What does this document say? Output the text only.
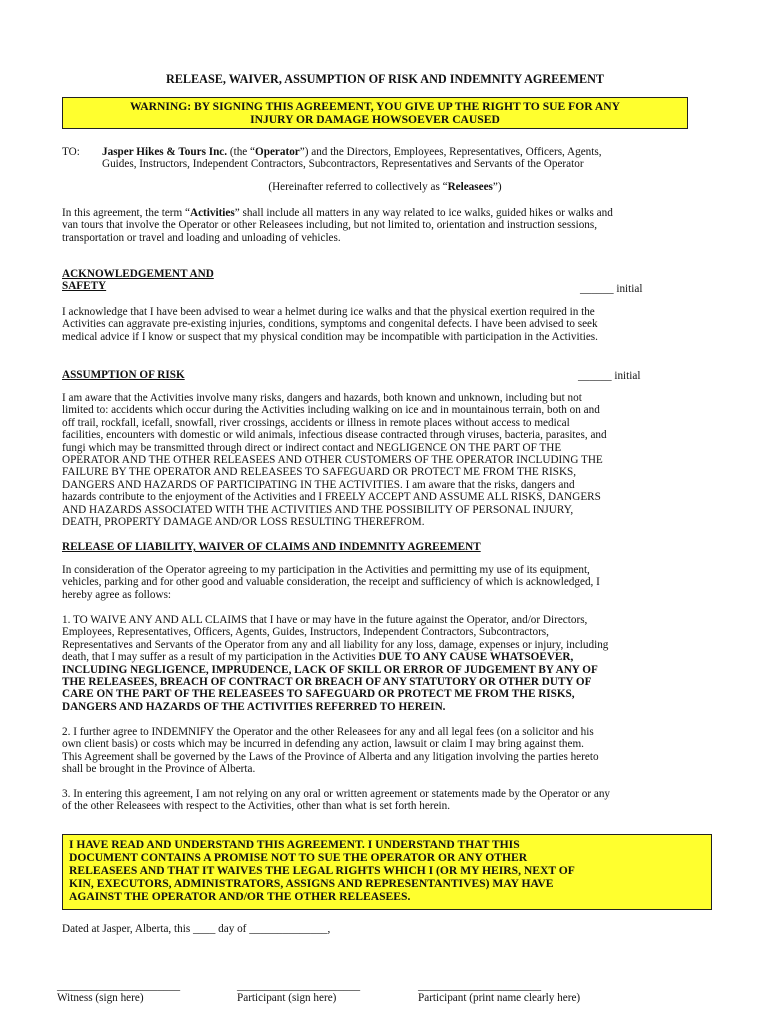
RELEASE, WAIVER, ASSUMPTION OF RISK AND INDEMNITY AGREEMENT
WARNING: BY SIGNING THIS AGREEMENT, YOU GIVE UP THE RIGHT TO SUE FOR ANY
INJURY OR DAMAGE HOWSOEVER CAUSED
TO: Jasper Hikes & Tours Inc. (the “Operator”) and the Directors, Employees, Representatives, Officers, Agents,
Guides, Instructors, Independent Contractors, Subcontractors, Representatives and Servants of the Operator
(Hereinafter referred to collectively as “Releasees”)
In this agreement, the term “Activities” shall include all matters in any way related to ice walks, guided hikes or walks and
van tours that involve the Operator or other Releasees including, but not limited to, orientation and instruction sessions,
transportation or travel and loading and unloading of vehicles.
ACKNOWLEDGEMENT AND
SAFETY	______ initial
I acknowledge that I have been advised to wear a helmet during ice walks and that the physical exertion required in the
Activities can aggravate pre-existing injuries, conditions, symptoms and congenital defects. I have been advised to seek
medical advice if I know or suspect that my physical condition may be incompatible with participation in the Activities.
ASSUMPTION OF RISK	______ initial
I am aware that the Activities involve many risks, dangers and hazards, both known and unknown, including but not
limited to: accidents which occur during the Activities including walking on ice and in mountainous terrain, both on and
off trail, rockfall, icefall, snowfall, river crossings, accidents or illness in remote places without access to medical
facilities, encounters with domestic or wild animals, infectious disease contracted through viruses, bacteria, parasites, and
fungi which may be transmitted through direct or indirect contact and NEGLIGENCE ON THE PART OF THE
OPERATOR AND THE OTHER RELEASEES AND OTHER CUSTOMERS OF THE OPERATOR INCLUDING THE
FAILURE BY THE OPERATOR AND RELEASEES TO SAFEGUARD OR PROTECT ME FROM THE RISKS,
DANGERS AND HAZARDS OF PARTICIPATING IN THE ACTIVITIES. I am aware that the risks, dangers and
hazards contribute to the enjoyment of the Activities and I FREELY ACCEPT AND ASSUME ALL RISKS, DANGERS
AND HAZARDS ASSOCIATED WITH THE ACTIVITIES AND THE POSSIBILITY OF PERSONAL INJURY,
DEATH, PROPERTY DAMAGE AND/OR LOSS RESULTING THEREFROM.
RELEASE OF LIABILITY, WAIVER OF CLAIMS AND INDEMNITY AGREEMENT
In consideration of the Operator agreeing to my participation in the Activities and permitting my use of its equipment,
vehicles, parking and for other good and valuable consideration, the receipt and sufficiency of which is acknowledged, I
hereby agree as follows:
1. TO WAIVE ANY AND ALL CLAIMS that I have or may have in the future against the Operator, and/or Directors,
Employees, Representatives, Officers, Agents, Guides, Instructors, Independent Contractors, Subcontractors,
Representatives and Servants of the Operator from any and all liability for any loss, damage, expenses or injury, including
death, that I may suffer as a result of my participation in the Activities DUE TO ANY CAUSE WHATSOEVER,
INCLUDING NEGLIGENCE, IMPRUDENCE, LACK OF SKILL OR ERROR OF JUDGEMENT BY ANY OF
THE RELEASEES, BREACH OF CONTRACT OR BREACH OF ANY STATUTORY OR OTHER DUTY OF
CARE ON THE PART OF THE RELEASEES TO SAFEGUARD OR PROTECT ME FROM THE RISKS,
DANGERS AND HAZARDS OF THE ACTIVITIES REFERRED TO HEREIN.
2. I further agree to INDEMNIFY the Operator and the other Releasees for any and all legal fees (on a solicitor and his
own client basis) or costs which may be incurred in defending any action, lawsuit or claim I may bring against them.
This Agreement shall be governed by the Laws of the Province of Alberta and any litigation involving the parties hereto
shall be brought in the Province of Alberta.
3. In entering this agreement, I am not relying on any oral or written agreement or statements made by the Operator or any
of the other Releasees with respect to the Activities, other than what is set forth herein.
I HAVE READ AND UNDERSTAND THIS AGREEMENT. I UNDERSTAND THAT THIS
DOCUMENT CONTAINS A PROMISE NOT TO SUE THE OPERATOR OR ANY OTHER
RELEASEES AND THAT IT WAIVES THE LEGAL RIGHTS WHICH I (OR MY HEIRS, NEXT OF
KIN, EXECUTORS, ADMINISTRATORS, ASSIGNS AND REPRESENTANTIVES) MAY HAVE
AGAINST THE OPERATOR AND/OR THE OTHER RELEASEES.
Dated at Jasper, Alberta, this ____ day of ______________,
______________________
Witness (sign here)
______________________
Participant (sign here)
______________________
Participant (print name clearly here)
